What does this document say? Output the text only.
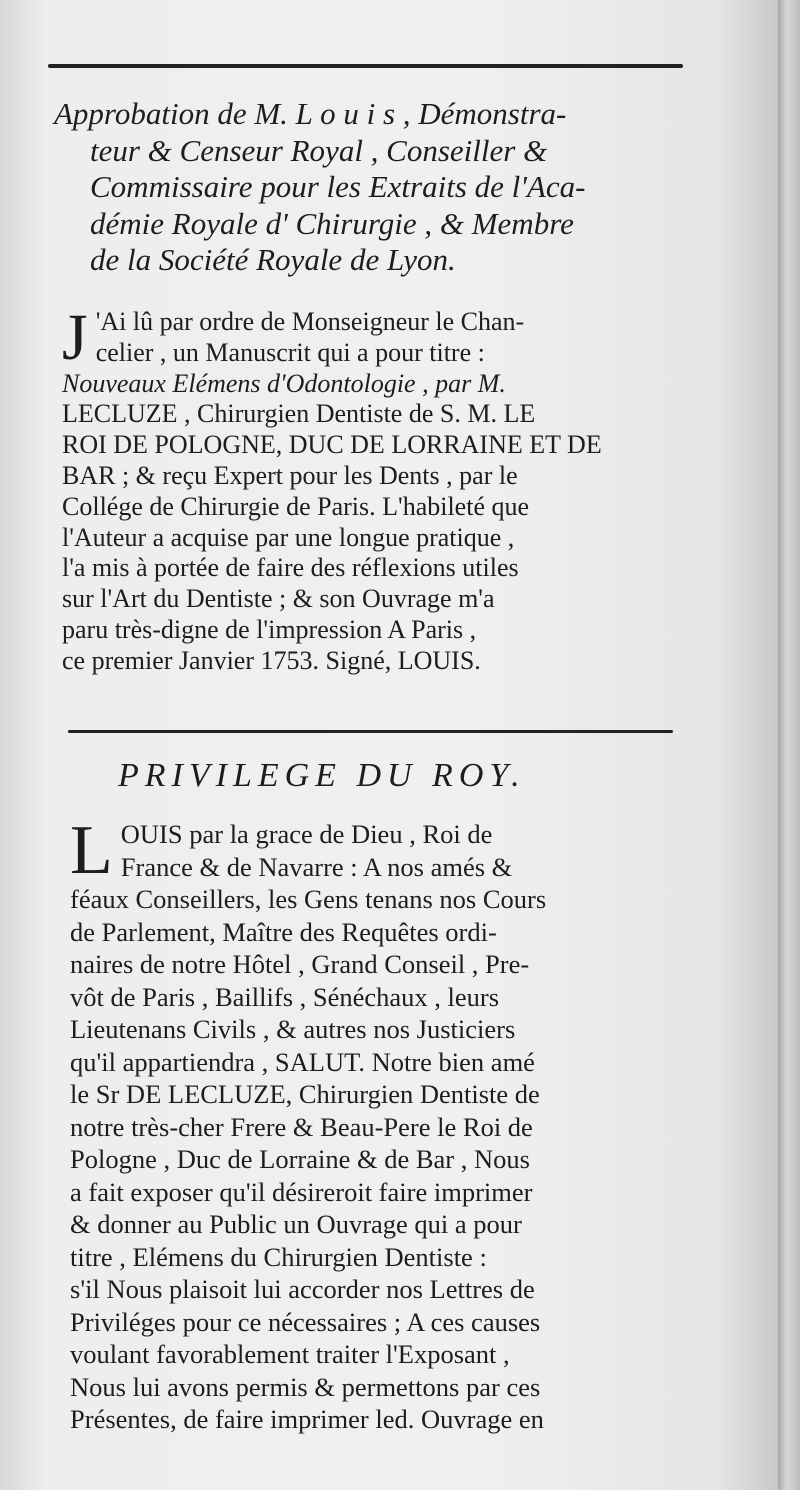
Approbation de M. L o u i s , Démonstra-
teur & Censeur Royal , Conseiller &
Commissaire pour les Extraits de l'Aca-
démie Royale d' Chirurgie , & Membre
de la Société Royale de Lyon.
J 'Ai lû par ordre de Monseigneur le Chan-
celier , un Manuscrit qui a pour titre :
Nouveaux Elémens d'Odontologie , par M.
LECLUZE , Chirurgien Dentiste de S. M. LE
ROI DE POLOGNE, DUC DE LORRAINE ET DE
BAR ; & reçu Expert pour les Dents , par le
Collége de Chirurgie de Paris. L'habileté que
l'Auteur a acquise par une longue pratique ,
l'a mis à portée de faire des réflexions utiles
sur l'Art du Dentiste ; & son Ouvrage m'a
paru très-digne de l'impression A Paris ,
ce premier Janvier 1753. Signé, LOUIS.
PRIVILEGE DU ROY.
L OUIS par la grace de Dieu , Roi de
France & de Navarre : A nos amés &
féaux Conseillers, les Gens tenans nos Cours
de Parlement, Maître des Requêtes ordi-
naires de notre Hôtel , Grand Conseil , Pre-
vôt de Paris , Baillifs , Sénéchaux , leurs
Lieutenans Civils , & autres nos Justiciers
qu'il appartiendra , SALUT. Notre bien amé
le Sr DE LECLUZE, Chirurgien Dentiste de
notre très-cher Frere & Beau-Pere le Roi de
Pologne , Duc de Lorraine & de Bar , Nous
a fait exposer qu'il désireroit faire imprimer
& donner au Public un Ouvrage qui a pour
titre , Elémens du Chirurgien Dentiste :
s'il Nous plaisoit lui accorder nos Lettres de
Priviléges pour ce nécessaires ; A ces causes
voulant favorablement traiter l'Exposant ,
Nous lui avons permis & permettons par ces
Présentes, de faire imprimer led. Ouvrage en
